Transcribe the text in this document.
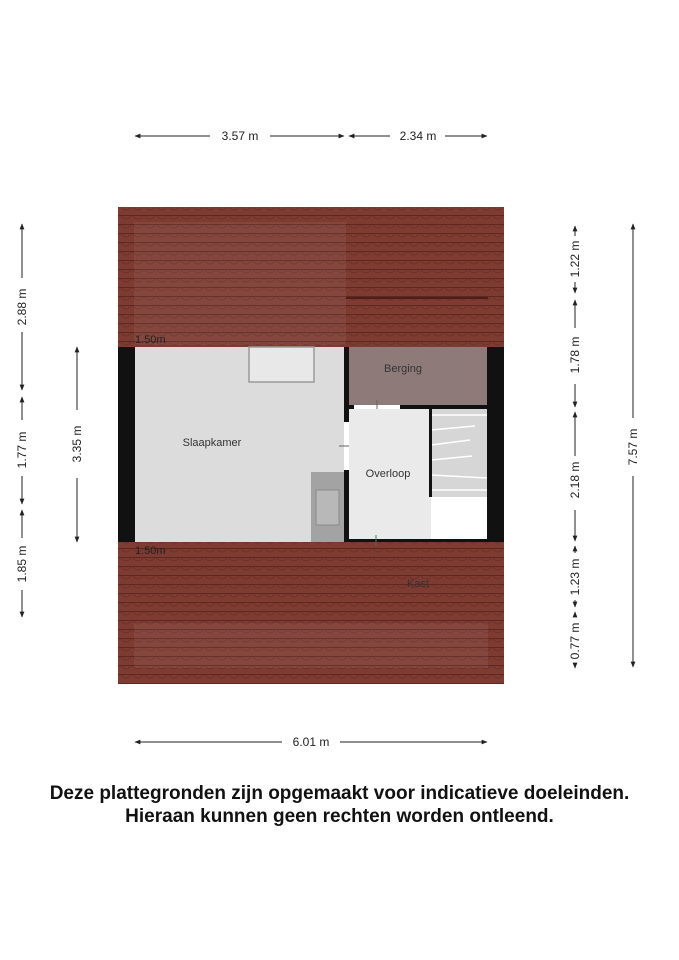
Slaapkamer
Berging
Overloop
Kast
1.50m
1.50m
3.57 m	2.34 m
6.01 m
2.88 m
1.77 m
1.85 m
3.35 m
1.22 m
1.78 m
2.18 m
1.23 m
0.77 m
7.57 m
Deze plattegronden zijn opgemaakt voor indicatieve doeleinden.
Hieraan kunnen geen rechten worden ontleend.
